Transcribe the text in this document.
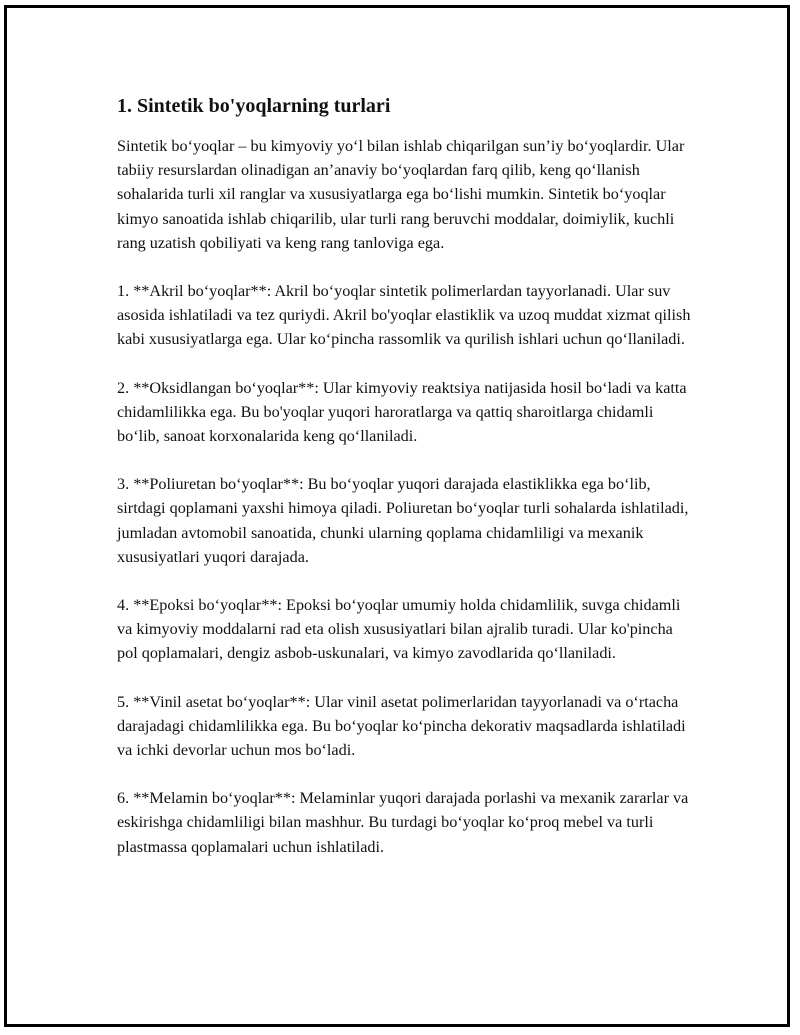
1. Sintetik bo'yoqlarning turlari

Sintetik bo‘yoqlar – bu kimyoviy yo‘l bilan ishlab chiqarilgan sun’iy bo‘yoqlardir. Ular tabiiy resurslardan olinadigan an’anaviy bo‘yoqlardan farq qilib, keng qo‘llanish sohalarida turli xil ranglar va xususiyatlarga ega bo‘lishi mumkin. Sintetik bo‘yoqlar kimyo sanoatida ishlab chiqarilib, ular turli rang beruvchi moddalar, doimiylik, kuchli rang uzatish qobiliyati va keng rang tanloviga ega.

1. **Akril bo‘yoqlar**: Akril bo‘yoqlar sintetik polimerlardan tayyorlanadi. Ular suv asosida ishlatiladi va tez quriydi. Akril bo'yoqlar elastiklik va uzoq muddat xizmat qilish kabi xususiyatlarga ega. Ular ko‘pincha rassomlik va qurilish ishlari uchun qo‘llaniladi.

2. **Oksidlangan bo‘yoqlar**: Ular kimyoviy reaktsiya natijasida hosil bo‘ladi va katta chidamlilikka ega. Bu bo'yoqlar yuqori haroratlarga va qattiq sharoitlarga chidamli bo‘lib, sanoat korxonalarida keng qo‘llaniladi.

3. **Poliuretan bo‘yoqlar**: Bu bo‘yoqlar yuqori darajada elastiklikka ega bo‘lib, sirtdagi qoplamani yaxshi himoya qiladi. Poliuretan bo‘yoqlar turli sohalarda ishlatiladi, jumladan avtomobil sanoatida, chunki ularning qoplama chidamliligi va mexanik xususiyatlari yuqori darajada.

4. **Epoksi bo‘yoqlar**: Epoksi bo‘yoqlar umumiy holda chidamlilik, suvga chidamli va kimyoviy moddalarni rad eta olish xususiyatlari bilan ajralib turadi. Ular ko'pincha pol qoplamalari, dengiz asbob-uskunalari, va kimyo zavodlarida qo‘llaniladi.

5. **Vinil asetat bo‘yoqlar**: Ular vinil asetat polimerlaridan tayyorlanadi va o‘rtacha darajadagi chidamlilikka ega. Bu bo‘yoqlar ko‘pincha dekorativ maqsadlarda ishlatiladi va ichki devorlar uchun mos bo‘ladi.

6. **Melamin bo‘yoqlar**: Melaminlar yuqori darajada porlashi va mexanik zararlar va eskirishga chidamliligi bilan mashhur. Bu turdagi bo‘yoqlar ko‘proq mebel va turli plastmassa qoplamalari uchun ishlatiladi.
